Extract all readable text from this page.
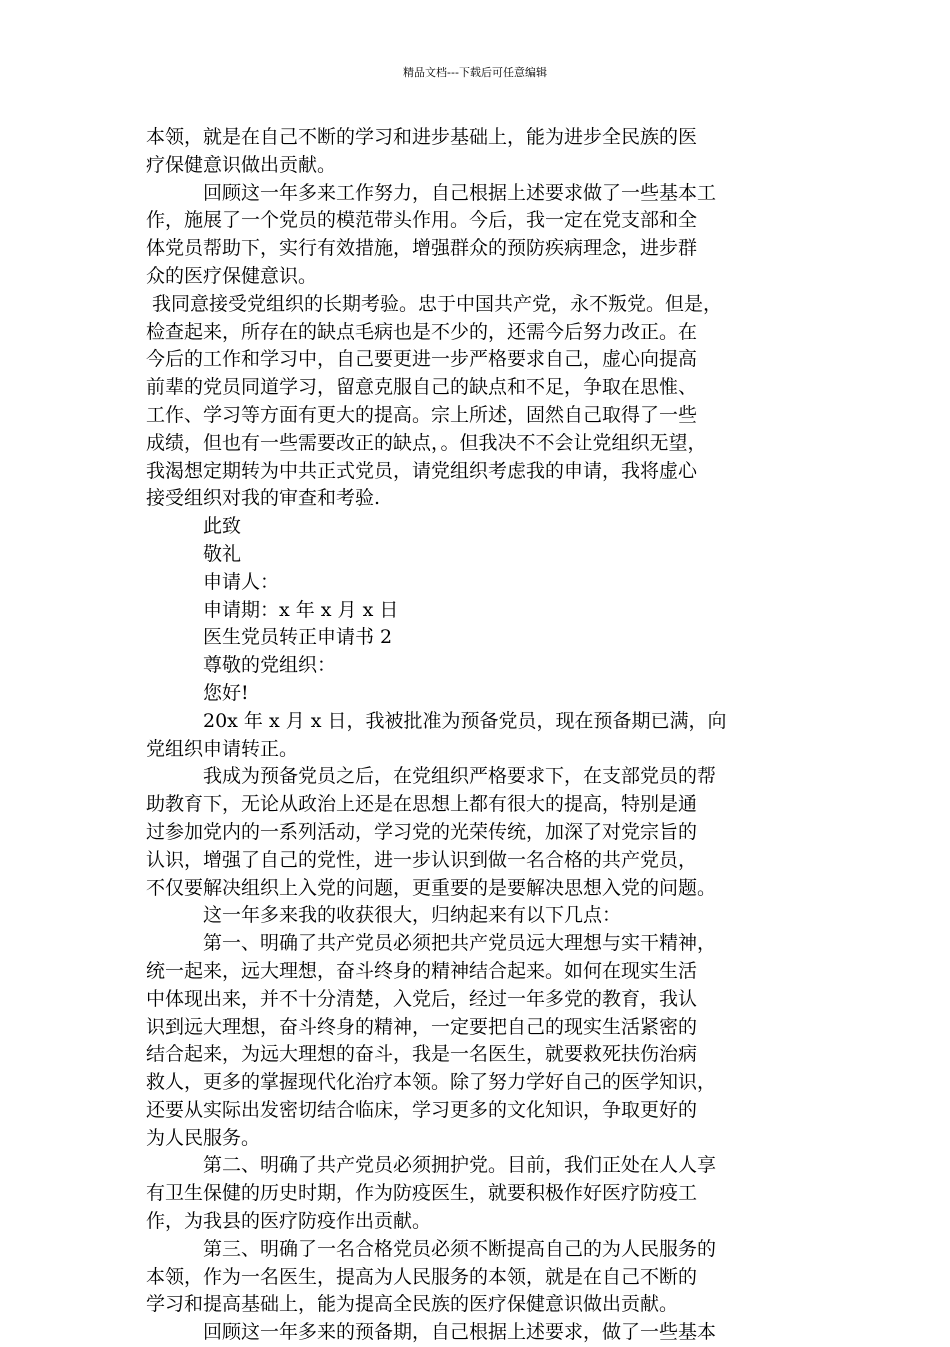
精品文档---下载后可任意编辑
本领，就是在自己不断的学习和进步基础上，能为进步全民族的医
疗保健意识做出贡献。
　　　回顾这一年多来工作努力，自己根据上述要求做了一些基本工
作，施展了一个党员的模范带头作用。今后，我一定在党支部和全
体党员帮助下，实行有效措施，增强群众的预防疾病理念，进步群
众的医疗保健意识。
我同意接受党组织的长期考验。忠于中国共产党，永不叛党。但是，
检查起来，所存在的缺点毛病也是不少的，还需今后努力改正。在
今后的工作和学习中，自己要更进一步严格要求自己，虚心向提高
前辈的党员同道学习，留意克服自己的缺点和不足，争取在思惟、
工作、学习等方面有更大的提高。宗上所述，固然自己取得了一些
成绩，但也有一些需要改正的缺点，。但我决不不会让党组织无望，
我渴想定期转为中共正式党员，请党组织考虑我的申请，我将虚心
接受组织对我的审查和考验.
　　　此致
　　　敬礼
　　　申请人：
　　　申请期：x 年 x 月 x 日
　　　医生党员转正申请书 2
　　　尊敬的党组织：
　　　您好!
　　　20x 年 x 月 x 日，我被批准为预备党员，现在预备期已满，向
党组织申请转正。
　　　我成为预备党员之后，在党组织严格要求下，在支部党员的帮
助教育下，无论从政治上还是在思想上都有很大的提高，特别是通
过参加党内的一系列活动，学习党的光荣传统，加深了对党宗旨的
认识，增强了自己的党性，进一步认识到做一名合格的共产党员，
不仅要解决组织上入党的问题，更重要的是要解决思想入党的问题。
　　　这一年多来我的收获很大，归纳起来有以下几点：
　　　第一、明确了共产党员必须把共产党员远大理想与实干精神，
统一起来，远大理想，奋斗终身的精神结合起来。如何在现实生活
中体现出来，并不十分清楚，入党后，经过一年多党的教育，我认
识到远大理想，奋斗终身的精神，一定要把自己的现实生活紧密的
结合起来，为远大理想的奋斗，我是一名医生，就要救死扶伤治病
救人，更多的掌握现代化治疗本领。除了努力学好自己的医学知识，
还要从实际出发密切结合临床，学习更多的文化知识，争取更好的
为人民服务。
　　　第二、明确了共产党员必须拥护党。目前，我们正处在人人享
有卫生保健的历史时期，作为防疫医生，就要积极作好医疗防疫工
作，为我县的医疗防疫作出贡献。
　　　第三、明确了一名合格党员必须不断提高自己的为人民服务的
本领，作为一名医生，提高为人民服务的本领，就是在自己不断的
学习和提高基础上，能为提高全民族的医疗保健意识做出贡献。
　　　回顾这一年多来的预备期，自己根据上述要求，做了一些基本
